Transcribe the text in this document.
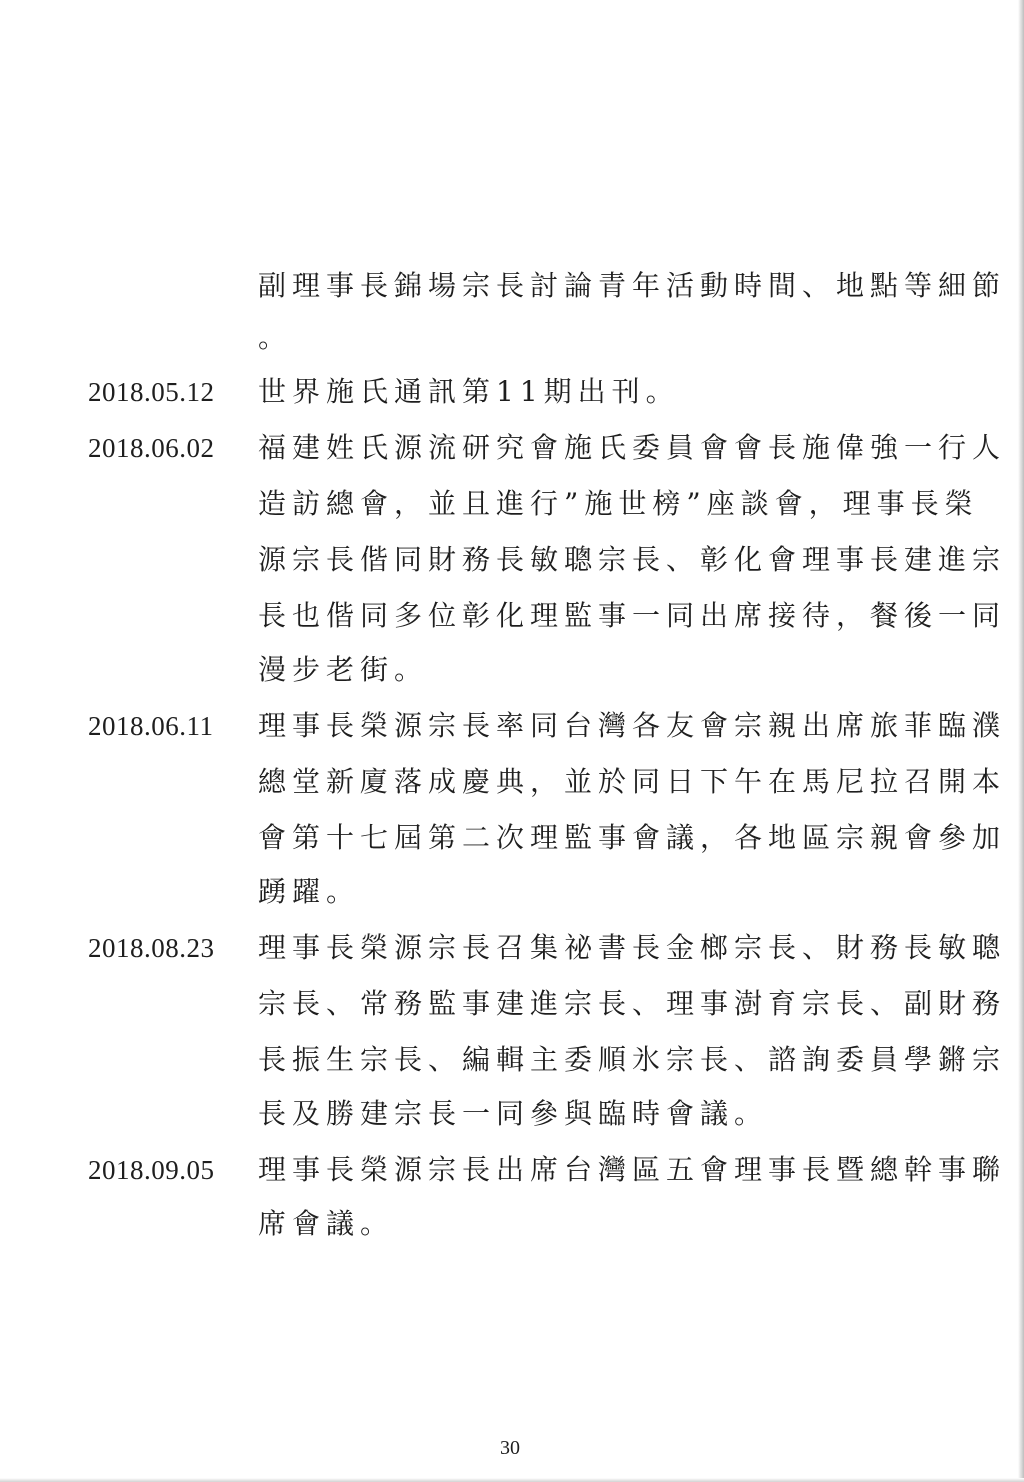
副理事長錦場宗長討論青年活動時間、地點等細節
。
2018.05.12	世界施氏通訊第11期出刊。
2018.06.02	福建姓氏源流研究會施氏委員會會長施偉強一行人
造訪總會，並且進行”施世榜”座談會，理事長榮
源宗長偕同財務長敏聰宗長、彰化會理事長建進宗
長也偕同多位彰化理監事一同出席接待，餐後一同
漫步老街。
2018.06.11	理事長榮源宗長率同台灣各友會宗親出席旅菲臨濮
總堂新廈落成慶典，並於同日下午在馬尼拉召開本
會第十七屆第二次理監事會議，各地區宗親會參加
踴躍。
2018.08.23	理事長榮源宗長召集祕書長金榔宗長、財務長敏聰
宗長、常務監事建進宗長、理事澍育宗長、副財務
長振生宗長、編輯主委順氷宗長、諮詢委員學鏘宗
長及勝建宗長一同參與臨時會議。
2018.09.05	理事長榮源宗長出席台灣區五會理事長暨總幹事聯
席會議。
30
